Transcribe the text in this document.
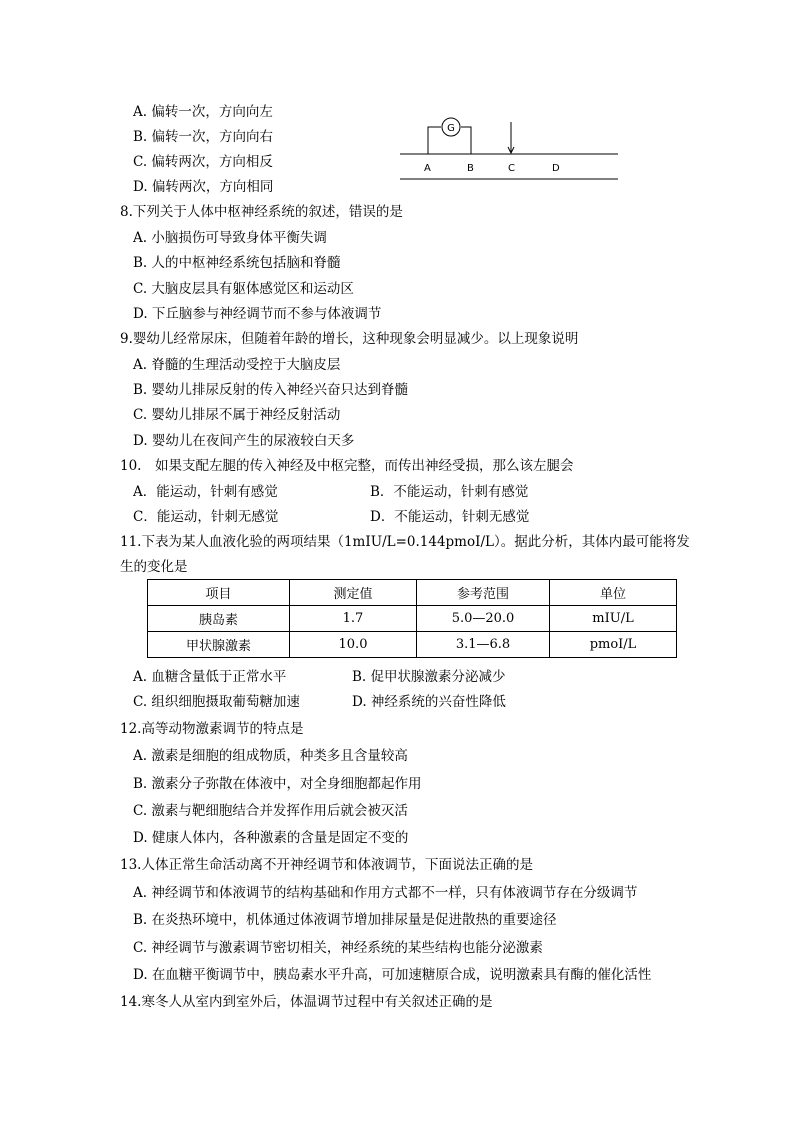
A. 偏转一次，方向向左
B. 偏转一次，方向向右
C. 偏转两次，方向相反
D. 偏转两次，方向相同
G
A	B	C	D
8.下列关于人体中枢神经系统的叙述，错误的是
A. 小脑损伤可导致身体平衡失调
B. 人的中枢神经系统包括脑和脊髓
C. 大脑皮层具有躯体感觉区和运动区
D. 下丘脑参与神经调节而不参与体液调节
9.婴幼儿经常尿床，但随着年龄的增长，这种现象会明显减少。以上现象说明
A. 脊髓的生理活动受控于大脑皮层
B. 婴幼儿排尿反射的传入神经兴奋只达到脊髓
C. 婴幼儿排尿不属于神经反射活动
D. 婴幼儿在夜间产生的尿液较白天多
10.　如果支配左腿的传入神经及中枢完整，而传出神经受损，那么该左腿会
A．能运动，针刺有感觉	B．不能运动，针刺有感觉
C．能运动，针刺无感觉	D．不能运动，针刺无感觉
11.下表为某人血液化验的两项结果（1mIU/L=0.144pmoI/L）。据此分析，其体内最可能将发
生的变化是
项目	测定值	参考范围	单位
胰岛素	1.7	5.0—20.0	mIU/L
甲状腺激素	10.0	3.1—6.8	pmoI/L
A. 血糖含量低于正常水平	B. 促甲状腺激素分泌减少
C. 组织细胞摄取葡萄糖加速	D. 神经系统的兴奋性降低
12.高等动物激素调节的特点是
A. 激素是细胞的组成物质，种类多且含量较高
B. 激素分子弥散在体液中，对全身细胞都起作用
C. 激素与靶细胞结合并发挥作用后就会被灭活
D. 健康人体内，各种激素的含量是固定不变的
13.人体正常生命活动离不开神经调节和体液调节，下面说法正确的是
A. 神经调节和体液调节的结构基础和作用方式都不一样，只有体液调节存在分级调节
B. 在炎热环境中，机体通过体液调节增加排尿量是促进散热的重要途径
C. 神经调节与激素调节密切相关，神经系统的某些结构也能分泌激素
D. 在血糖平衡调节中，胰岛素水平升高，可加速糖原合成，说明激素具有酶的催化活性
14.寒冬人从室内到室外后，体温调节过程中有关叙述正确的是
